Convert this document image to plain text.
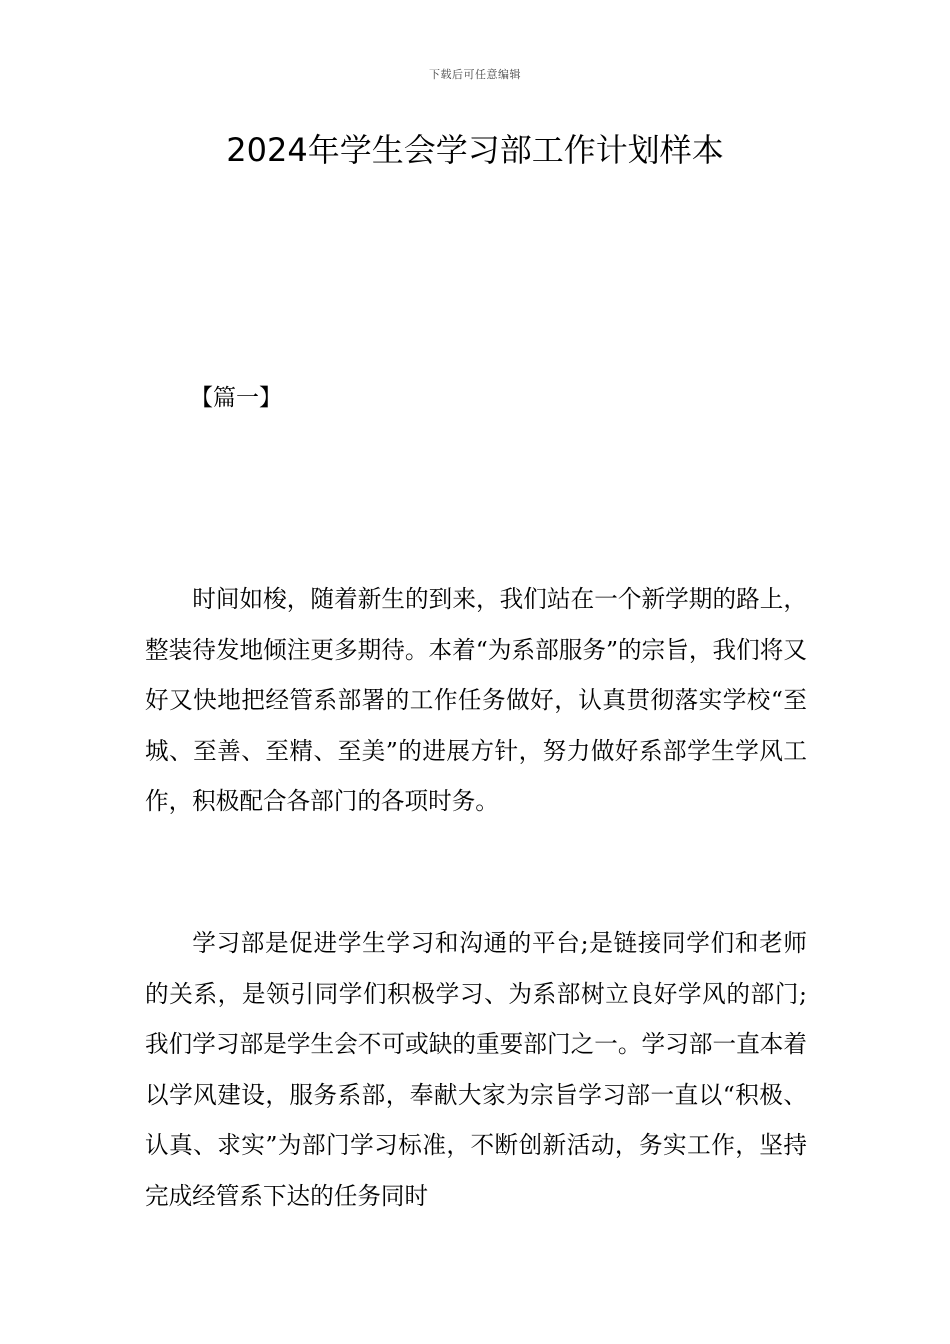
下载后可任意编辑
2024年学生会学习部工作计划样本
【篇一】

时间如梭，随着新生的到来，我们站在一个新学期的路上，整装待发地倾注更多期待。本着“为系部服务”的宗旨，我们将又好又快地把经管系部署的工作任务做好，认真贯彻落实学校“至城、至善、至精、至美”的进展方针，努力做好系部学生学风工作，积极配合各部门的各项时务。

学习部是促进学生学习和沟通的平台;是链接同学们和老师的关系，是领引同学们积极学习、为系部树立良好学风的部门;我们学习部是学生会不可或缺的重要部门之一。学习部一直本着以学风建设，服务系部，奉献大家为宗旨学习部一直以“积极、认真、求实”为部门学习标准，不断创新活动，务实工作，坚持完成经管系下达的任务同时
